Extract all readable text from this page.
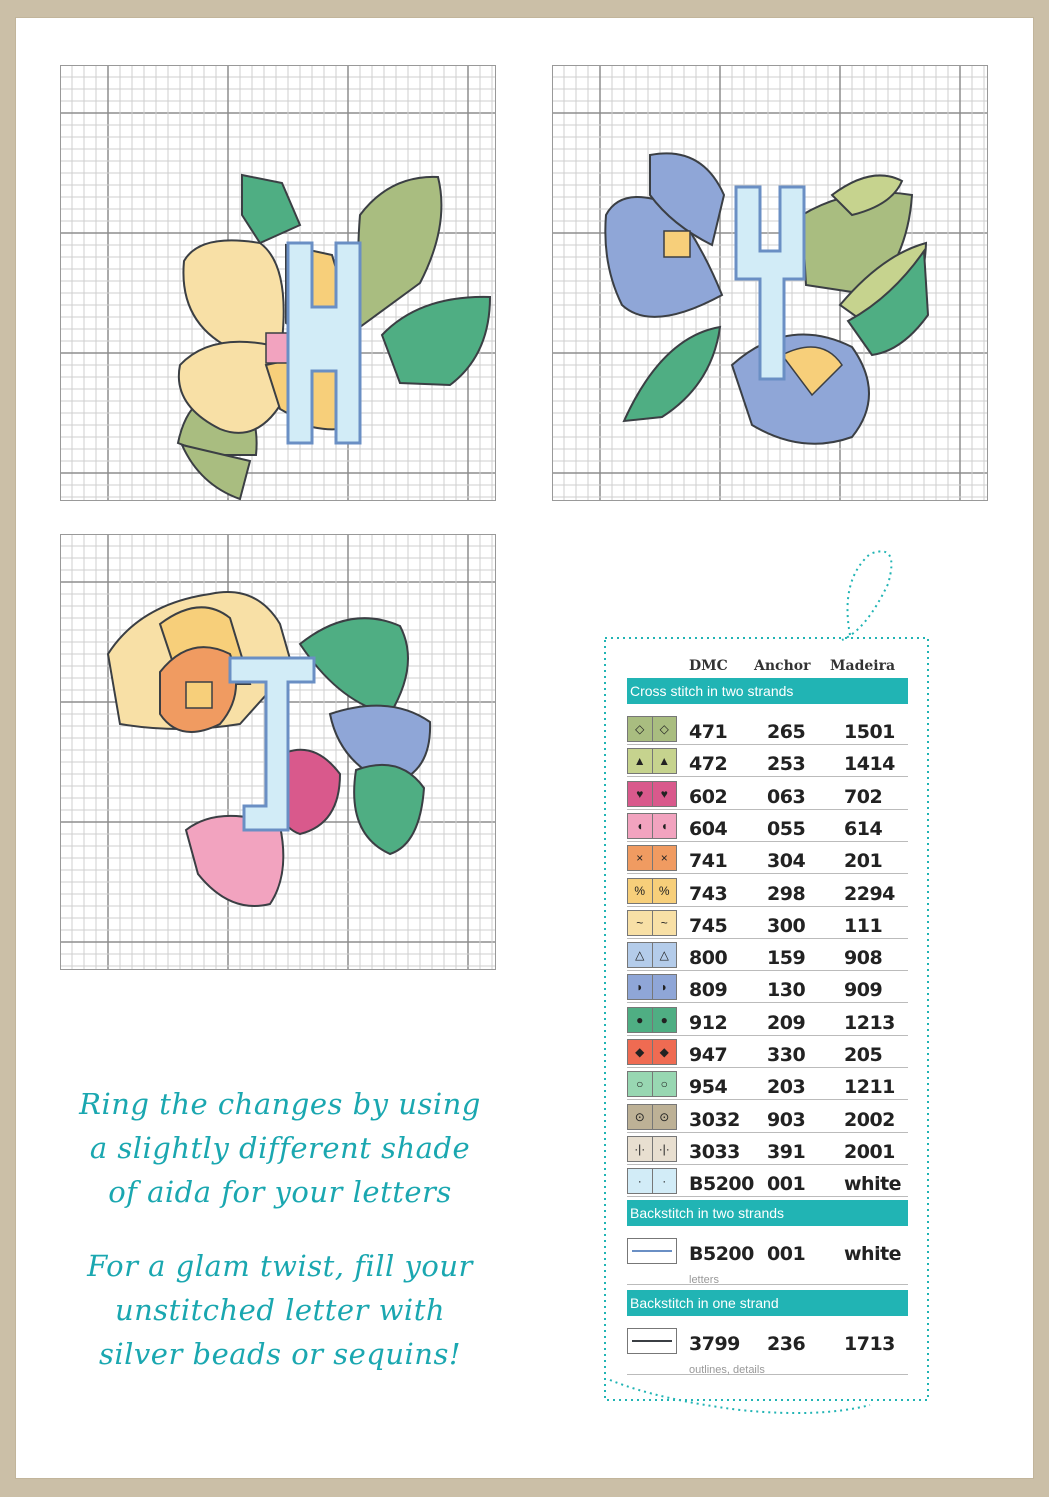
Ring the changes by using
a slightly different shade
of aida for your letters
For a glam twist, fill your
unstitched letter with
silver beads or sequins!
DMC Anchor Madeira
Cross stitch in two strands
◇	◇	471 265 1501
▲	▲ 472 253 1414
♥	♥	602 063 702
◖	◖	604 055 614
×	×	741 304 201
%	%	743 298 2294
~	~	745 300 111
△	△	800 159 908
◗	◗	809 130 909
●	●	912 209 1213
◆	◆	947 330 205
○	○	954 203 1211
⊙	⊙	3032 903 2002
·|·	·|·	3033 391 2001
·	·	B5200 001 white
Backstitch in two strands
B5200 001 white
letters
Backstitch in one strand
3799 236 1713
outlines, details
